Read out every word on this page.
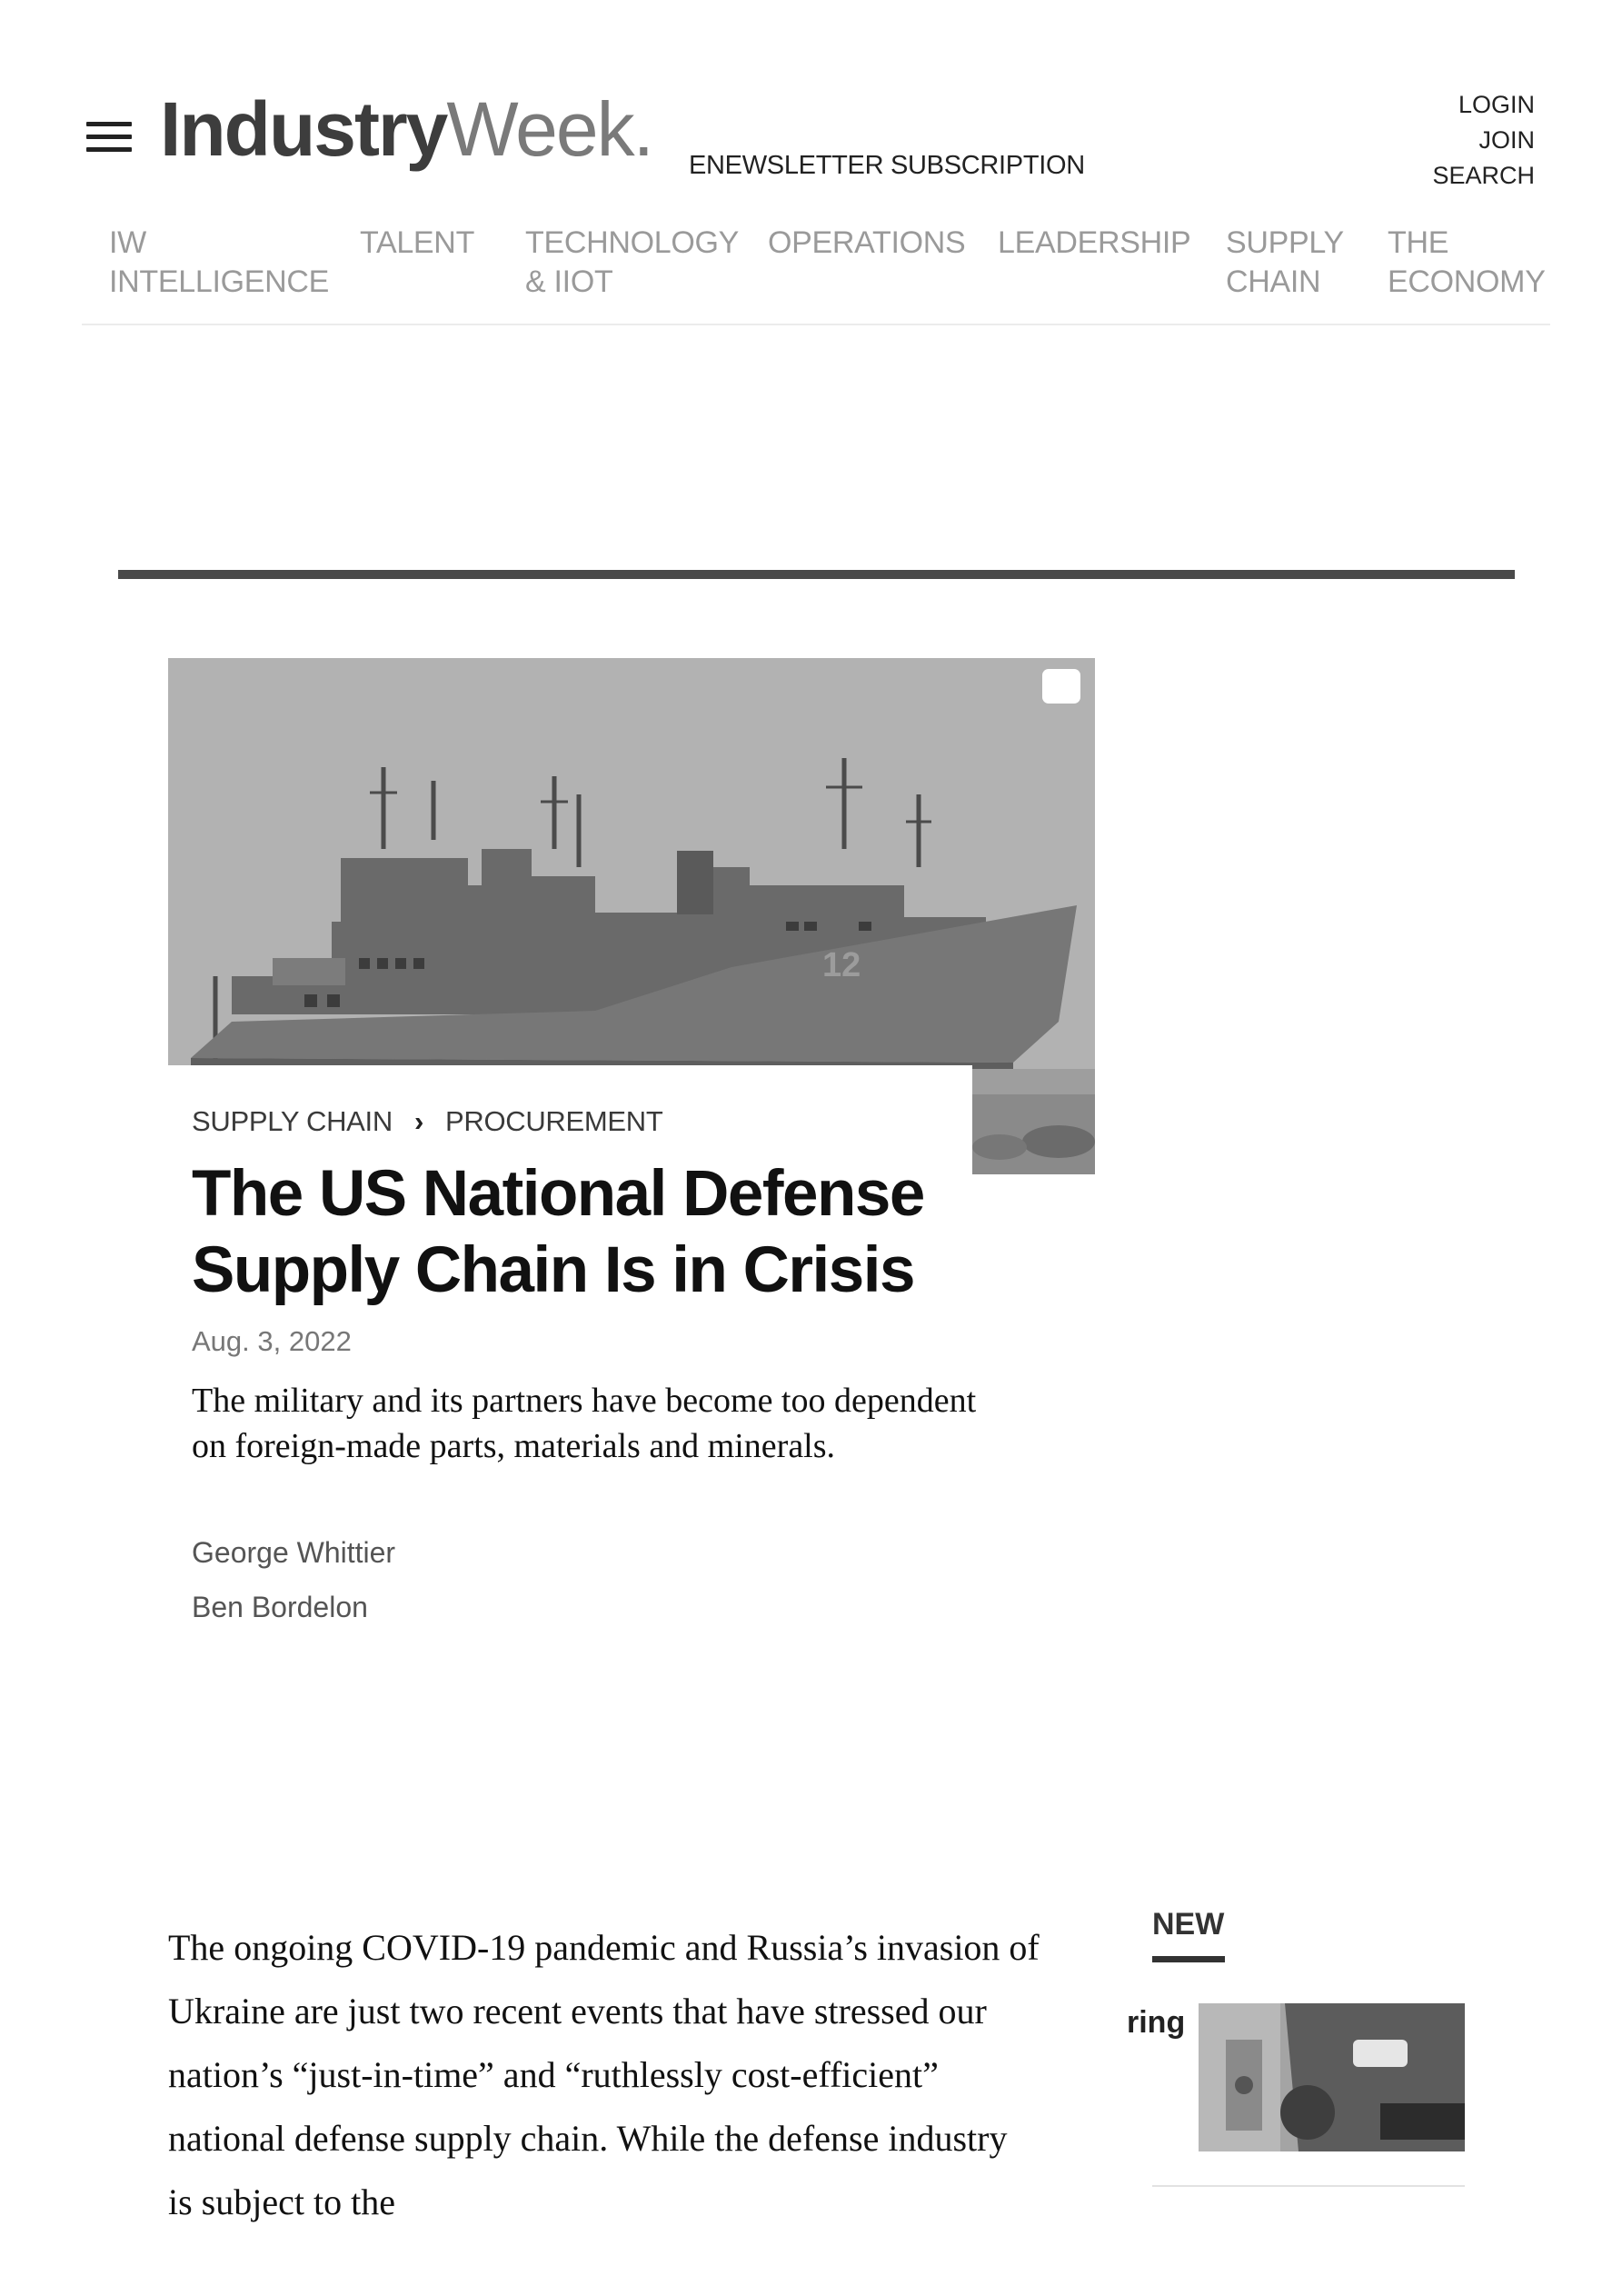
IndustryWeek. ENEWSLETTER SUBSCRIPTION
LOGIN
JOIN
SEARCH
IW
INTELLIGENCE
TALENT TECHNOLOGY
& IIOT
OPERATIONS LEADERSHIP SUPPLY
CHAIN
THE
ECONOMY
12
SUPPLY CHAIN › PROCUREMENT
The US National Defense Supply Chain Is in Crisis
Aug. 3, 2022
The military and its partners have become too dependent on foreign-made parts, materials and minerals.
George Whittier
Ben Bordelon
The ongoing COVID-19 pandemic and Russia’s invasion of Ukraine are just two recent events that have stressed our nation’s “just-in-time” and “ruthlessly cost-efficient” national defense supply chain. While the defense industry is subject to the
NEW
ring
